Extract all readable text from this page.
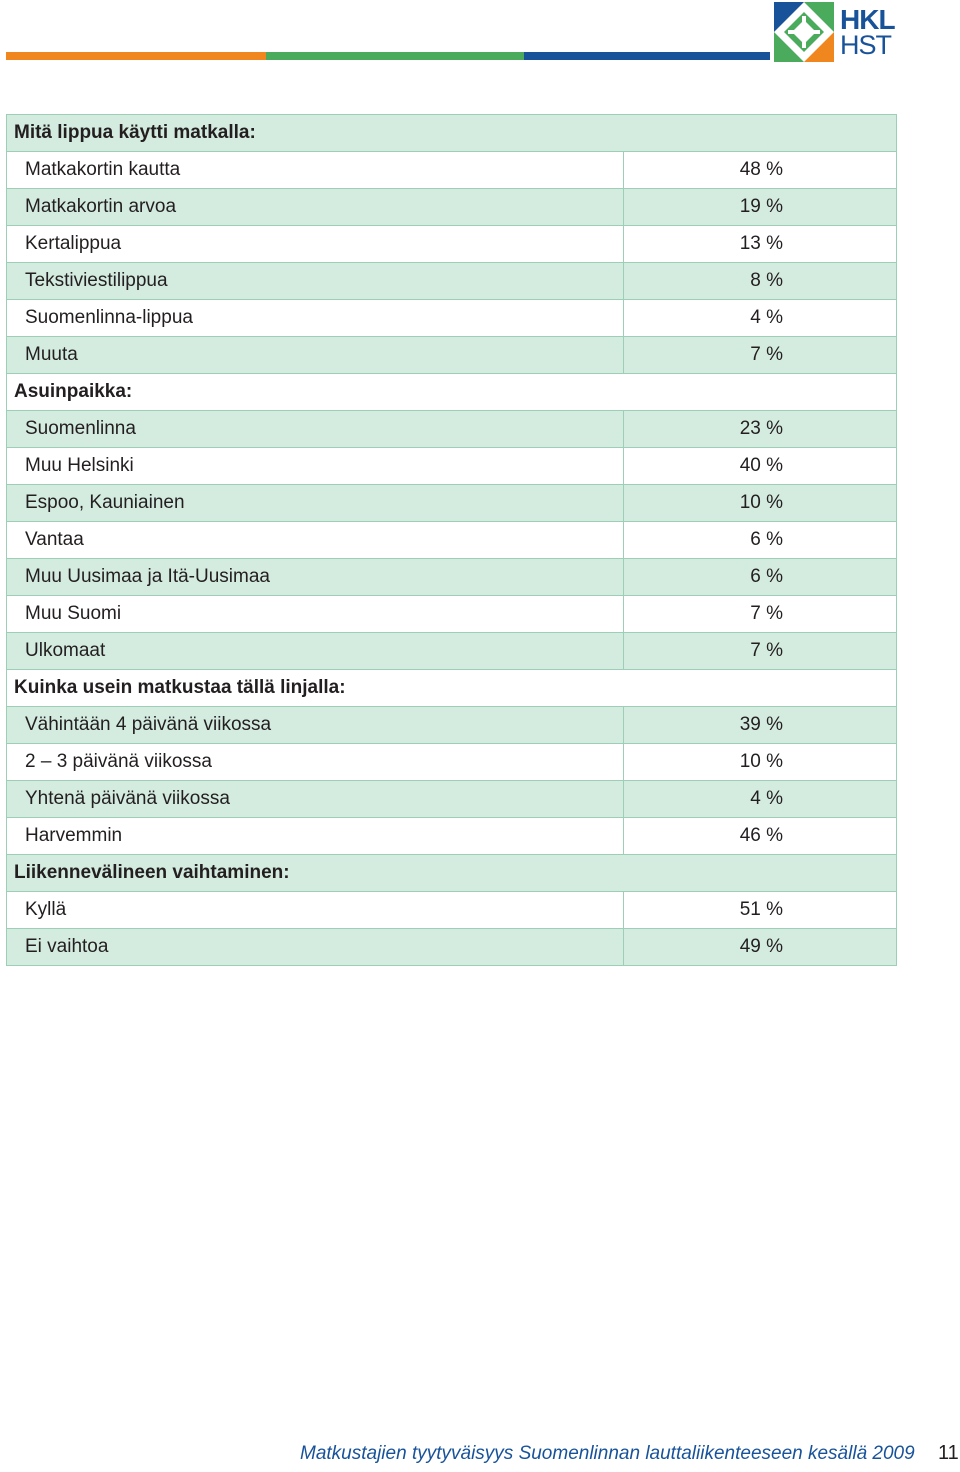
HKL
HST
Mitä lippua käytti matkalla:	
Matkakortin kautta	48 %
Matkakortin arvoa	19 %
Kertalippua	13 %
Tekstiviestilippua	8 %
Suomenlinna-lippua	4 %
Muuta	7 %
Asuinpaikka:	
Suomenlinna	23 %
Muu Helsinki	40 %
Espoo, Kauniainen	10 %
Vantaa	6 %
Muu Uusimaa ja Itä-Uusimaa	6 %
Muu Suomi	7 %
Ulkomaat	7 %
Kuinka usein matkustaa tällä linjalla:	
Vähintään 4 päivänä viikossa	39 %
2 – 3 päivänä viikossa	10 %
Yhtenä päivänä viikossa	4 %
Harvemmin	46 %
Liikennevälineen vaihtaminen:	
Kyllä	51 %
Ei vaihtoa	49 %
Matkustajien tyytyväisyys Suomenlinnan lauttaliikenteeseen kesällä 2009 11
